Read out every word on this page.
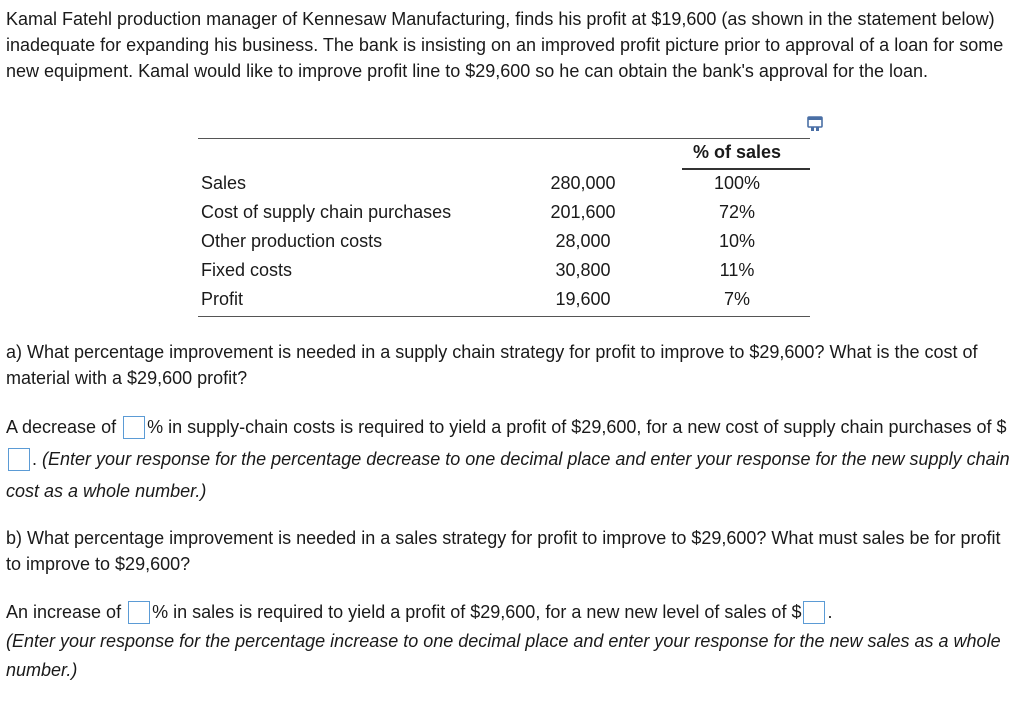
Kamal Fatehl production manager of Kennesaw Manufacturing, finds his profit at $19,600 (as shown in the statement below) inadequate for expanding his business. The bank is insisting on an improved profit picture prior to approval of a loan for some new equipment. Kamal would like to improve profit line to $29,600 so he can obtain the bank's approval for the loan.

% of sales
Sales	280,000	100%
Cost of supply chain purchases	201,600	72%
Other production costs	28,000	10%
Fixed costs	30,800	11%
Profit	19,600	7%

a) What percentage improvement is needed in a supply chain strategy for profit to improve to $29,600? What is the cost of material with a $29,600 profit?

A decrease of % in supply-chain costs is required to yield a profit of $29,600, for a new cost of supply chain purchases of $. (Enter your response for the percentage decrease to one decimal place and enter your response for the new supply chain cost as a whole number.)

b) What percentage improvement is needed in a sales strategy for profit to improve to $29,600? What must sales be for profit to improve to $29,600?

An increase of % in sales is required to yield a profit of $29,600, for a new new level of sales of $ .
(Enter your response for the percentage increase to one decimal place and enter your response for the new sales as a whole number.)
